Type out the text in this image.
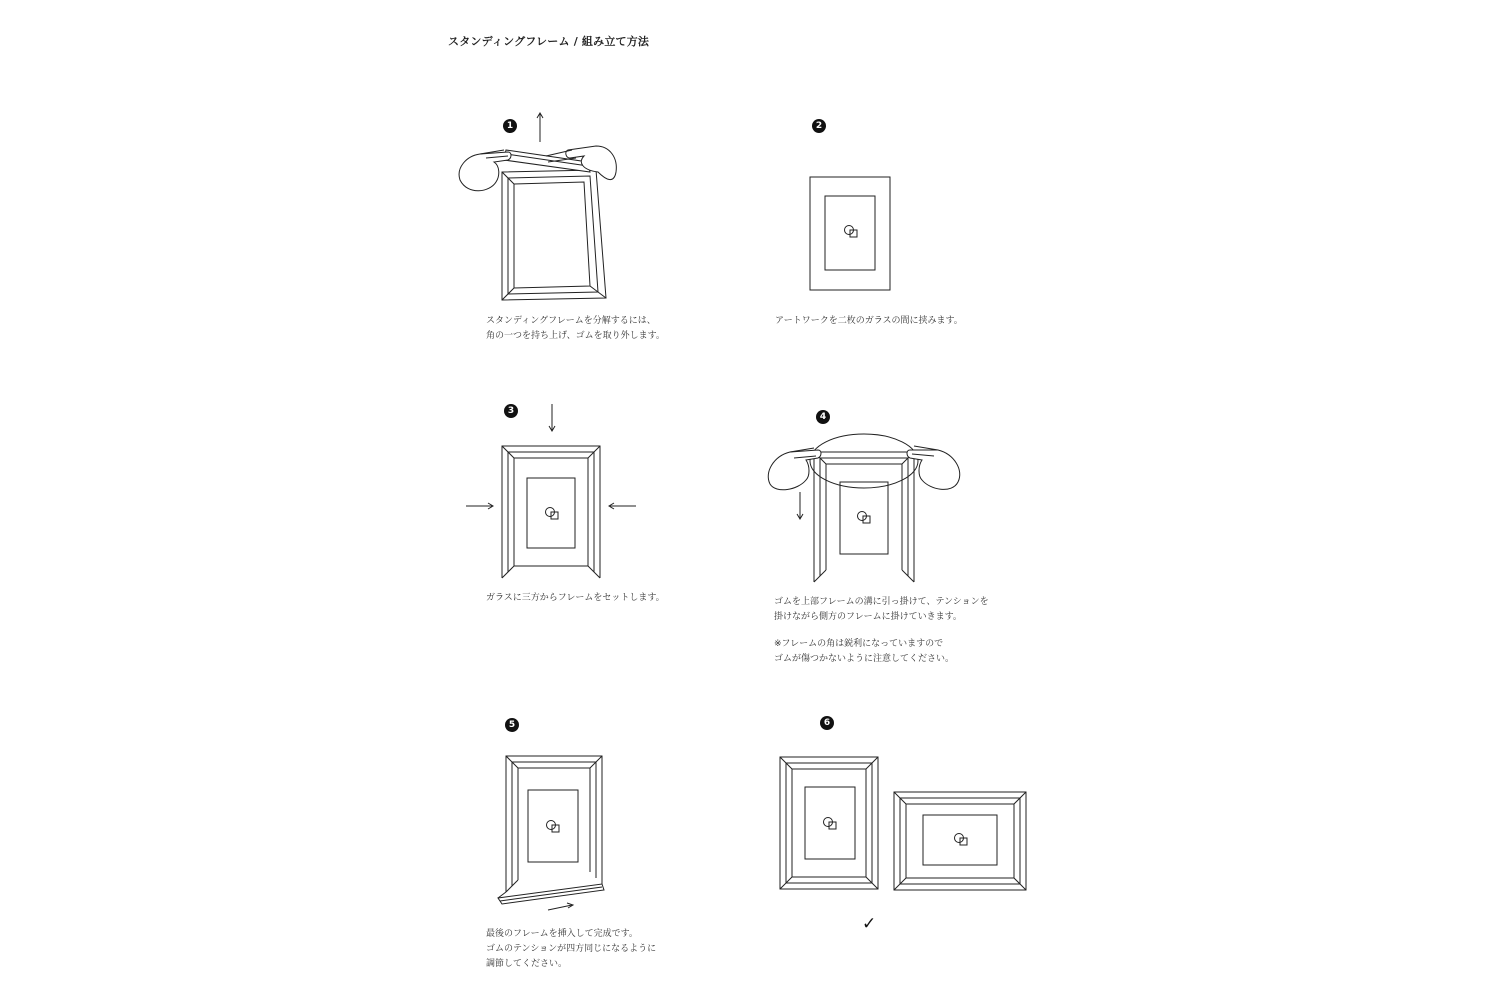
スタンディングフレーム / 組み立て方法
1
スタンディングフレームを分解するには、
角の一つを持ち上げ、ゴムを取り外します。
2
アートワークを二枚のガラスの間に挟みます。
3
ガラスに三方からフレームをセットします。
4
ゴムを上部フレームの溝に引っ掛けて、テンションを
掛けながら側方のフレームに掛けていきます。
※フレームの角は鋭利になっていますので
ゴムが傷つかないように注意してください。
5
最後のフレームを挿入して完成です。
ゴムのテンションが四方同じになるように
調節してください。
6
✓
